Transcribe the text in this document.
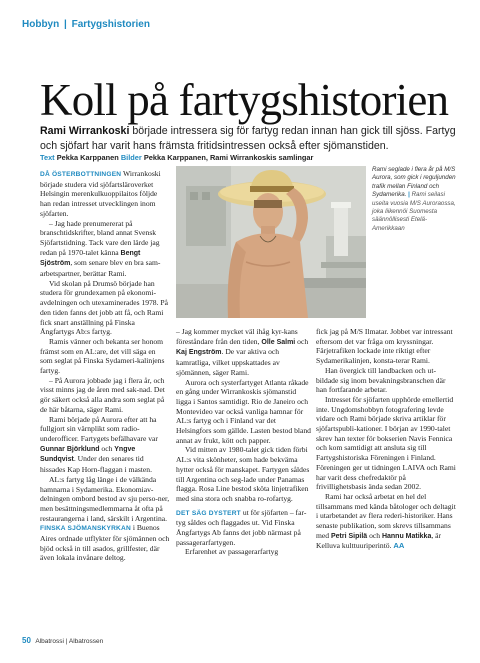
Hobbyn | Fartygshistorien
Koll på fartygshistorien
Rami Wirrankoski började intressera sig för fartyg redan innan han gick till sjöss. Fartyg och sjöfart har varit hans främsta fritidsintressen också efter sjömanstiden.
Text Pekka Karppanen Bilder Pekka Karppanen, Rami Wirrankoskis samlingar
Rami seglade i flera år på M/S Aurora, som gick i reguljunden trafik mellan Finland och Sydamerika. | Rami seilasi useita vuosia M/S Auroraossa, joka liikennöi Suomesta säännöllisesti Etelä-Amerikkaan

DÅ ÖSTERBOTTNINGEN Wirrankoski började studera vid sjöfartsläroverket Helsingin merenkulkuoppilaitos följde han redan intresset utvecklingen inom sjöfarten.

– Jag hade prenumererat på branschtidskrifter, bland annat Svensk Sjöfartstidning. Tack vare den lärde jag redan på 1970-talet känna Bengt Sjöström, som senare blev en bra sam-arbetspartner, berättar Rami.

Vid skolan på Drumsö började han studera för grundexamen på ekonomi-avdelningen och utexaminerades 1978. På den tiden fanns det jobb att få, och Rami fick snart anställning på Finska Ångfartygs Ab:s fartyg.

Ramis vänner och bekanta ser honom främst som en AL:are, det vill säga en som seglat på Finska Sydameri-kalinjens fartyg.

– På Aurora jobbade jag i flera år, och visst minns jag de åren med sak-nad. Det gör säkert också alla andra som seglat på de här båtarna, säger Rami.

Rami började på Aurora efter att ha fullgjort sin värnplikt som radio-underofficer. Fartygets befälhavare var Gunnar Björklund och Yngve Sundqvist. Under den senares tid hissades Kap Horn-flaggan i masten.

AL:s fartyg låg länge i de välkända hamnarna i Sydamerika. Ekonomiav-delningen ombord bestod av sju perso-ner, men besättningsmedlemmarna åt ofta på restaurangerna i land, särskilt i Argentina.

FINSKA SJÖMANSKYRKAN i Buenos Aires ordnade utflykter för sjömännen och bjöd också in till asados, grillfester, där även lokala invånare deltog.

– Jag kommer mycket väl ihåg kyr-kans föreståndare från den tiden, Olle Salmi och Kaj Engström. De var aktiva och kamratliga, vilket uppskattades av sjömännen, säger Rami.

Aurora och systerfartyget Atlanta råkade en gång under Wirrankoskis sjömanstid ligga i Santos samtidigt. Rio de Janeiro och Montevideo var också vanliga hamnar för AL:s fartyg och i Finland var det Helsingfors som gällde. Lasten bestod bland annat av frukt, kött och papper.

Vid mitten av 1980-talet gick tiden förbi AL:s vita skönheter, som hade bekväma hytter också för manskapet. Fartygen såldes till Argentina och seg-lade under Panamas flagga. Rosa Line bestod sköta linjetrafiken med sina stora och snabba ro-rofartyg.

DET SÄG DYSTERT ut för sjöfarten – far-tyg såldes och flaggades ut. Vid Finska Ångfartygs Ab fanns det jobb närmast på passagerarfartygen.

Erfarenhet av passagerarfartyg

fick jag på M/S Ilmatar. Jobbet var intressant eftersom det var fråga om kryssningar. Färjetrafiken lockade inte riktigt efter Sydamerikalinjen, konsta-terar Rami.

Han övergick till landbacken och ut-bildade sig inom bevakningsbranschen där han fortfarande arbetar.

Intresset för sjöfarten upphörde emellertid inte. Ungdomshobbyn fotografering levde vidare och Rami började skriva artiklar för sjöfartspubli-kationer. I början av 1990-talet skrev han texter för bokserien Navis Fennica och kom samtidigt att ansluta sig till Fartygshistoriska Föreningen i Finland. Föreningen ger ut tidningen LAIVA och Rami har varit dess chefredaktör på frivillighetsbasis ända sedan 2002.

Rami har också arbetat en hel del tillsammans med kända båtologer och deltagit i utarbetandet av flera rederi-historiker. Hans senaste publikation, som skrevs tillsammans med Petri Sipilä och Hannu Matikka, är Kelluva kulttuuriperintö. AA

50 Albatrossi | Albatrossen
